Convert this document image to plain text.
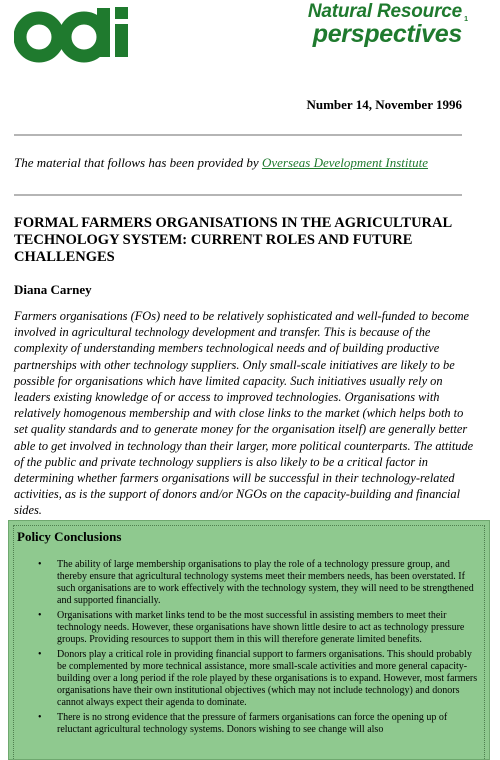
Natural Resource
perspectives
1
Number 14, November 1996
The material that follows has been provided by Overseas Development Institute
FORMAL FARMERS ORGANISATIONS IN THE AGRICULTURAL TECHNOLOGY SYSTEM: CURRENT ROLES AND FUTURE CHALLENGES
Diana Carney
Farmers organisations (FOs) need to be relatively sophisticated and well-funded to become involved in agricultural technology development and transfer. This is because of the complexity of understanding members technological needs and of building productive partnerships with other technology suppliers. Only small-scale initiatives are likely to be possible for organisations which have limited capacity. Such initiatives usually rely on leaders existing knowledge of or access to improved technologies. Organisations with relatively homogenous membership and with close links to the market (which helps both to set quality standards and to generate money for the organisation itself) are generally better able to get involved in technology than their larger, more political counterparts. The attitude of the public and private technology suppliers is also likely to be a critical factor in determining whether farmers organisations will be successful in their technology-related activities, as is the support of donors and/or NGOs on the capacity-building and financial sides.
Policy Conclusions
• The ability of large membership organisations to play the role of a technology pressure group, and thereby ensure that agricultural technology systems meet their members needs, has been overstated. If such organisations are to work effectively with the technology system, they will need to be strengthened and supported financially.
• Organisations with market links tend to be the most successful in assisting members to meet their technology needs. However, these organisations have shown little desire to act as technology pressure groups. Providing resources to support them in this will therefore generate limited benefits.
• Donors play a critical role in providing financial support to farmers organisations. This should probably be complemented by more technical assistance, more small-scale activities and more general capacity-building over a long period if the role played by these organisations is to expand. However, most farmers organisations have their own institutional objectives (which may not include technology) and donors cannot always expect their agenda to dominate.
• There is no strong evidence that the pressure of farmers organisations can force the opening up of reluctant agricultural technology systems. Donors wishing to see change will also
